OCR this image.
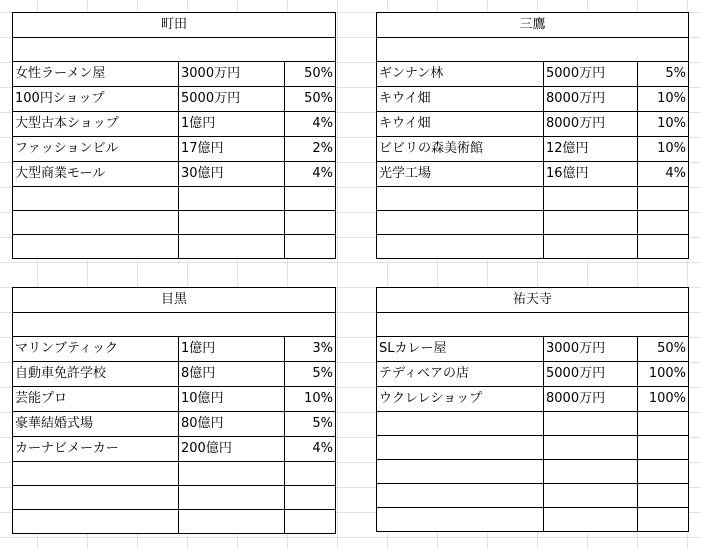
町田		

女性ラーメン屋	3000万円	50%
100円ショップ	5000万円	50%
大型古本ショップ	1億円	4%
ファッションビル	17億円	2%
大型商業モール	30億円	4%

三鷹		

ギンナン林	5000万円	5%
キウイ畑	8000万円	10%
キウイ畑	8000万円	10%
ビビリの森美術館	12億円	10%
光学工場	16億円	4%

目黒		

マリンブティック	1億円	3%
自動車免許学校	8億円	5%
芸能プロ	10億円	10%
豪華結婚式場	80億円	5%
カーナビメーカー	200億円	4%

祐天寺		

SLカレー屋	3000万円	50%
テディベアの店	5000万円	100%
ウクレレショップ	8000万円	100%
